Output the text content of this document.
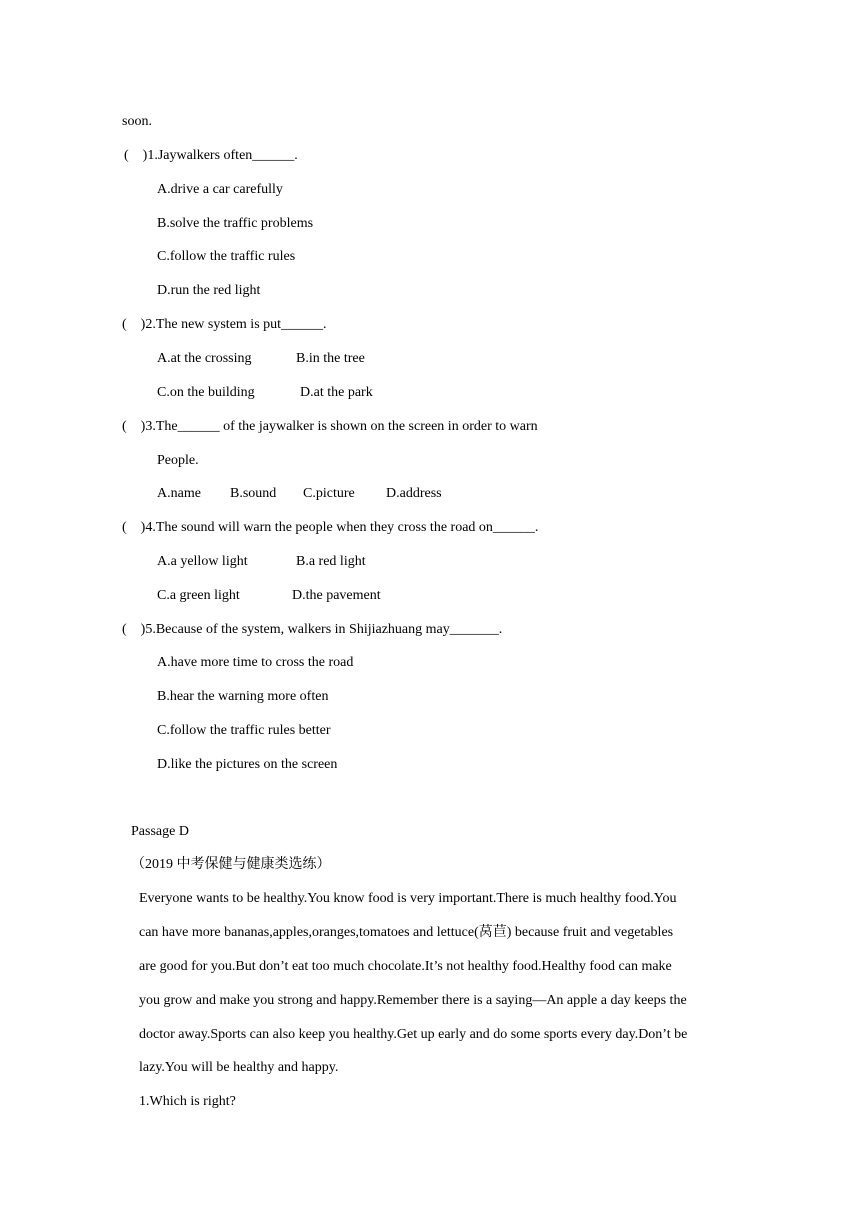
soon.
(    )1.Jaywalkers often______.
A.drive a car carefully
B.solve the traffic problems
C.follow the traffic rules
D.run the red light
(    )2.The new system is put______.
A.at the crossing	B.in the tree
C.on the building	D.at the park
(    )3.The______ of the jaywalker is shown on the screen in order to warn
People.
A.name B.sound C.picture D.address
(    )4.The sound will warn the people when they cross the road on______.
A.a yellow light	B.a red light
C.a green light	D.the pavement
(    )5.Because of the system, walkers in Shijiazhuang may_______.
A.have more time to cross the road
B.hear the warning more often
C.follow the traffic rules better
D.like the pictures on the screen
Passage D
（2019 中考保健与健康类选练）
Everyone wants to be healthy.You know food is very important.There is much healthy food.You
can have more bananas,apples,oranges,tomatoes and lettuce(莴苣) because fruit and vegetables
are good for you.But don’t eat too much chocolate.It’s not healthy food.Healthy food can make
you grow and make you strong and happy.Remember there is a saying—An apple a day keeps the
doctor away.Sports can also keep you healthy.Get up early and do some sports every day.Don’t be
lazy.You will be healthy and happy.
1.Which is right?
